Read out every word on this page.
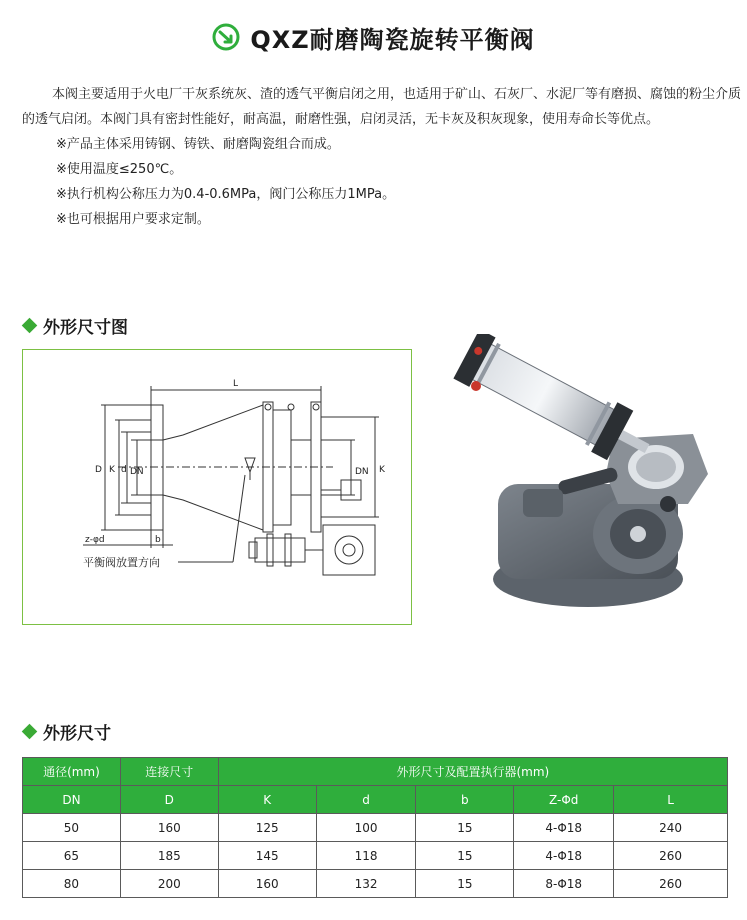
QXZ耐磨陶瓷旋转平衡阀

本阀主要适用于火电厂干灰系统灰、渣的透气平衡启闭之用，也适用于矿山、石灰厂、水泥厂等有磨损、腐蚀的粉尘介质的透气启闭。本阀门具有密封性能好，耐高温，耐磨性强，启闭灵活，无卡灰及积灰现象，使用寿命长等优点。

※产品主体采用铸钢、铸铁、耐磨陶瓷组合而成。

※使用温度≤250℃。

※执行机构公称压力为0.4-0.6MPa，阀门公称压力1MPa。

※也可根据用户要求定制。

外形尺寸图
L
D K d DN	DN K
z-φd	b
平衡阀放置方向
外形尺寸
通径(mm)	连接尺寸	外形尺寸及配置执行器(mm)				
DN	D	K	d	b	Z-Φd	L
50	160	125	100	15	4-Φ18	240
65	185	145	118	15	4-Φ18	260
80	200	160	132	15	8-Φ18	260
